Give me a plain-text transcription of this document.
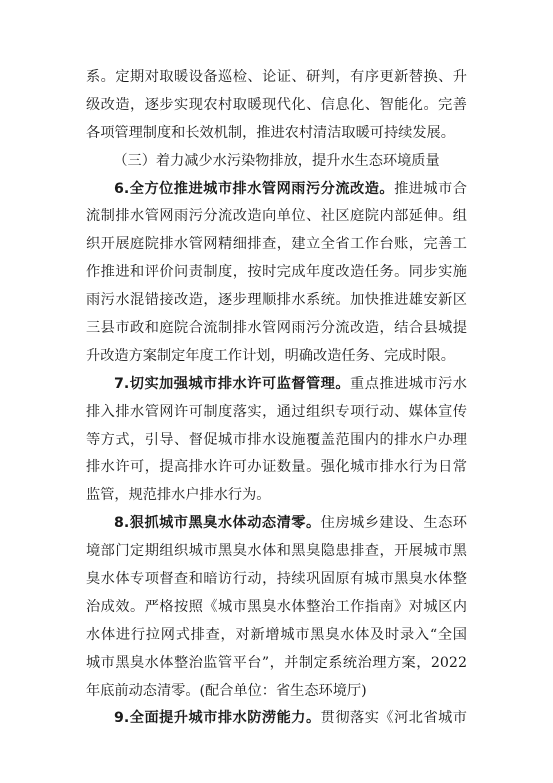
系。定期对取暖设备巡检、论证、研判，有序更新替换、升
级改造，逐步实现农村取暖现代化、信息化、智能化。完善
各项管理制度和长效机制，推进农村清洁取暖可持续发展。
（三）着力减少水污染物排放，提升水生态环境质量
6.全方位推进城市排水管网雨污分流改造。推进城市合
流制排水管网雨污分流改造向单位、社区庭院内部延伸。组
织开展庭院排水管网精细排查，建立全省工作台账，完善工
作推进和评价问责制度，按时完成年度改造任务。同步实施
雨污水混错接改造，逐步理顺排水系统。加快推进雄安新区
三县市政和庭院合流制排水管网雨污分流改造，结合县城提
升改造方案制定年度工作计划，明确改造任务、完成时限。
7.切实加强城市排水许可监督管理。重点推进城市污水
排入排水管网许可制度落实，通过组织专项行动、媒体宣传
等方式，引导、督促城市排水设施覆盖范围内的排水户办理
排水许可，提高排水许可办证数量。强化城市排水行为日常
监管，规范排水户排水行为。
8.狠抓城市黑臭水体动态清零。住房城乡建设、生态环
境部门定期组织城市黑臭水体和黑臭隐患排查，开展城市黑
臭水体专项督查和暗访行动，持续巩固原有城市黑臭水体整
治成效。严格按照《城市黑臭水体整治工作指南》对城区内
水体进行拉网式排查，对新增城市黑臭水体及时录入“全国
城市黑臭水体整治监管平台”，并制定系统治理方案，2022
年底前动态清零。(配合单位：省生态环境厅)
9.全面提升城市排水防涝能力。贯彻落实《河北省城市
